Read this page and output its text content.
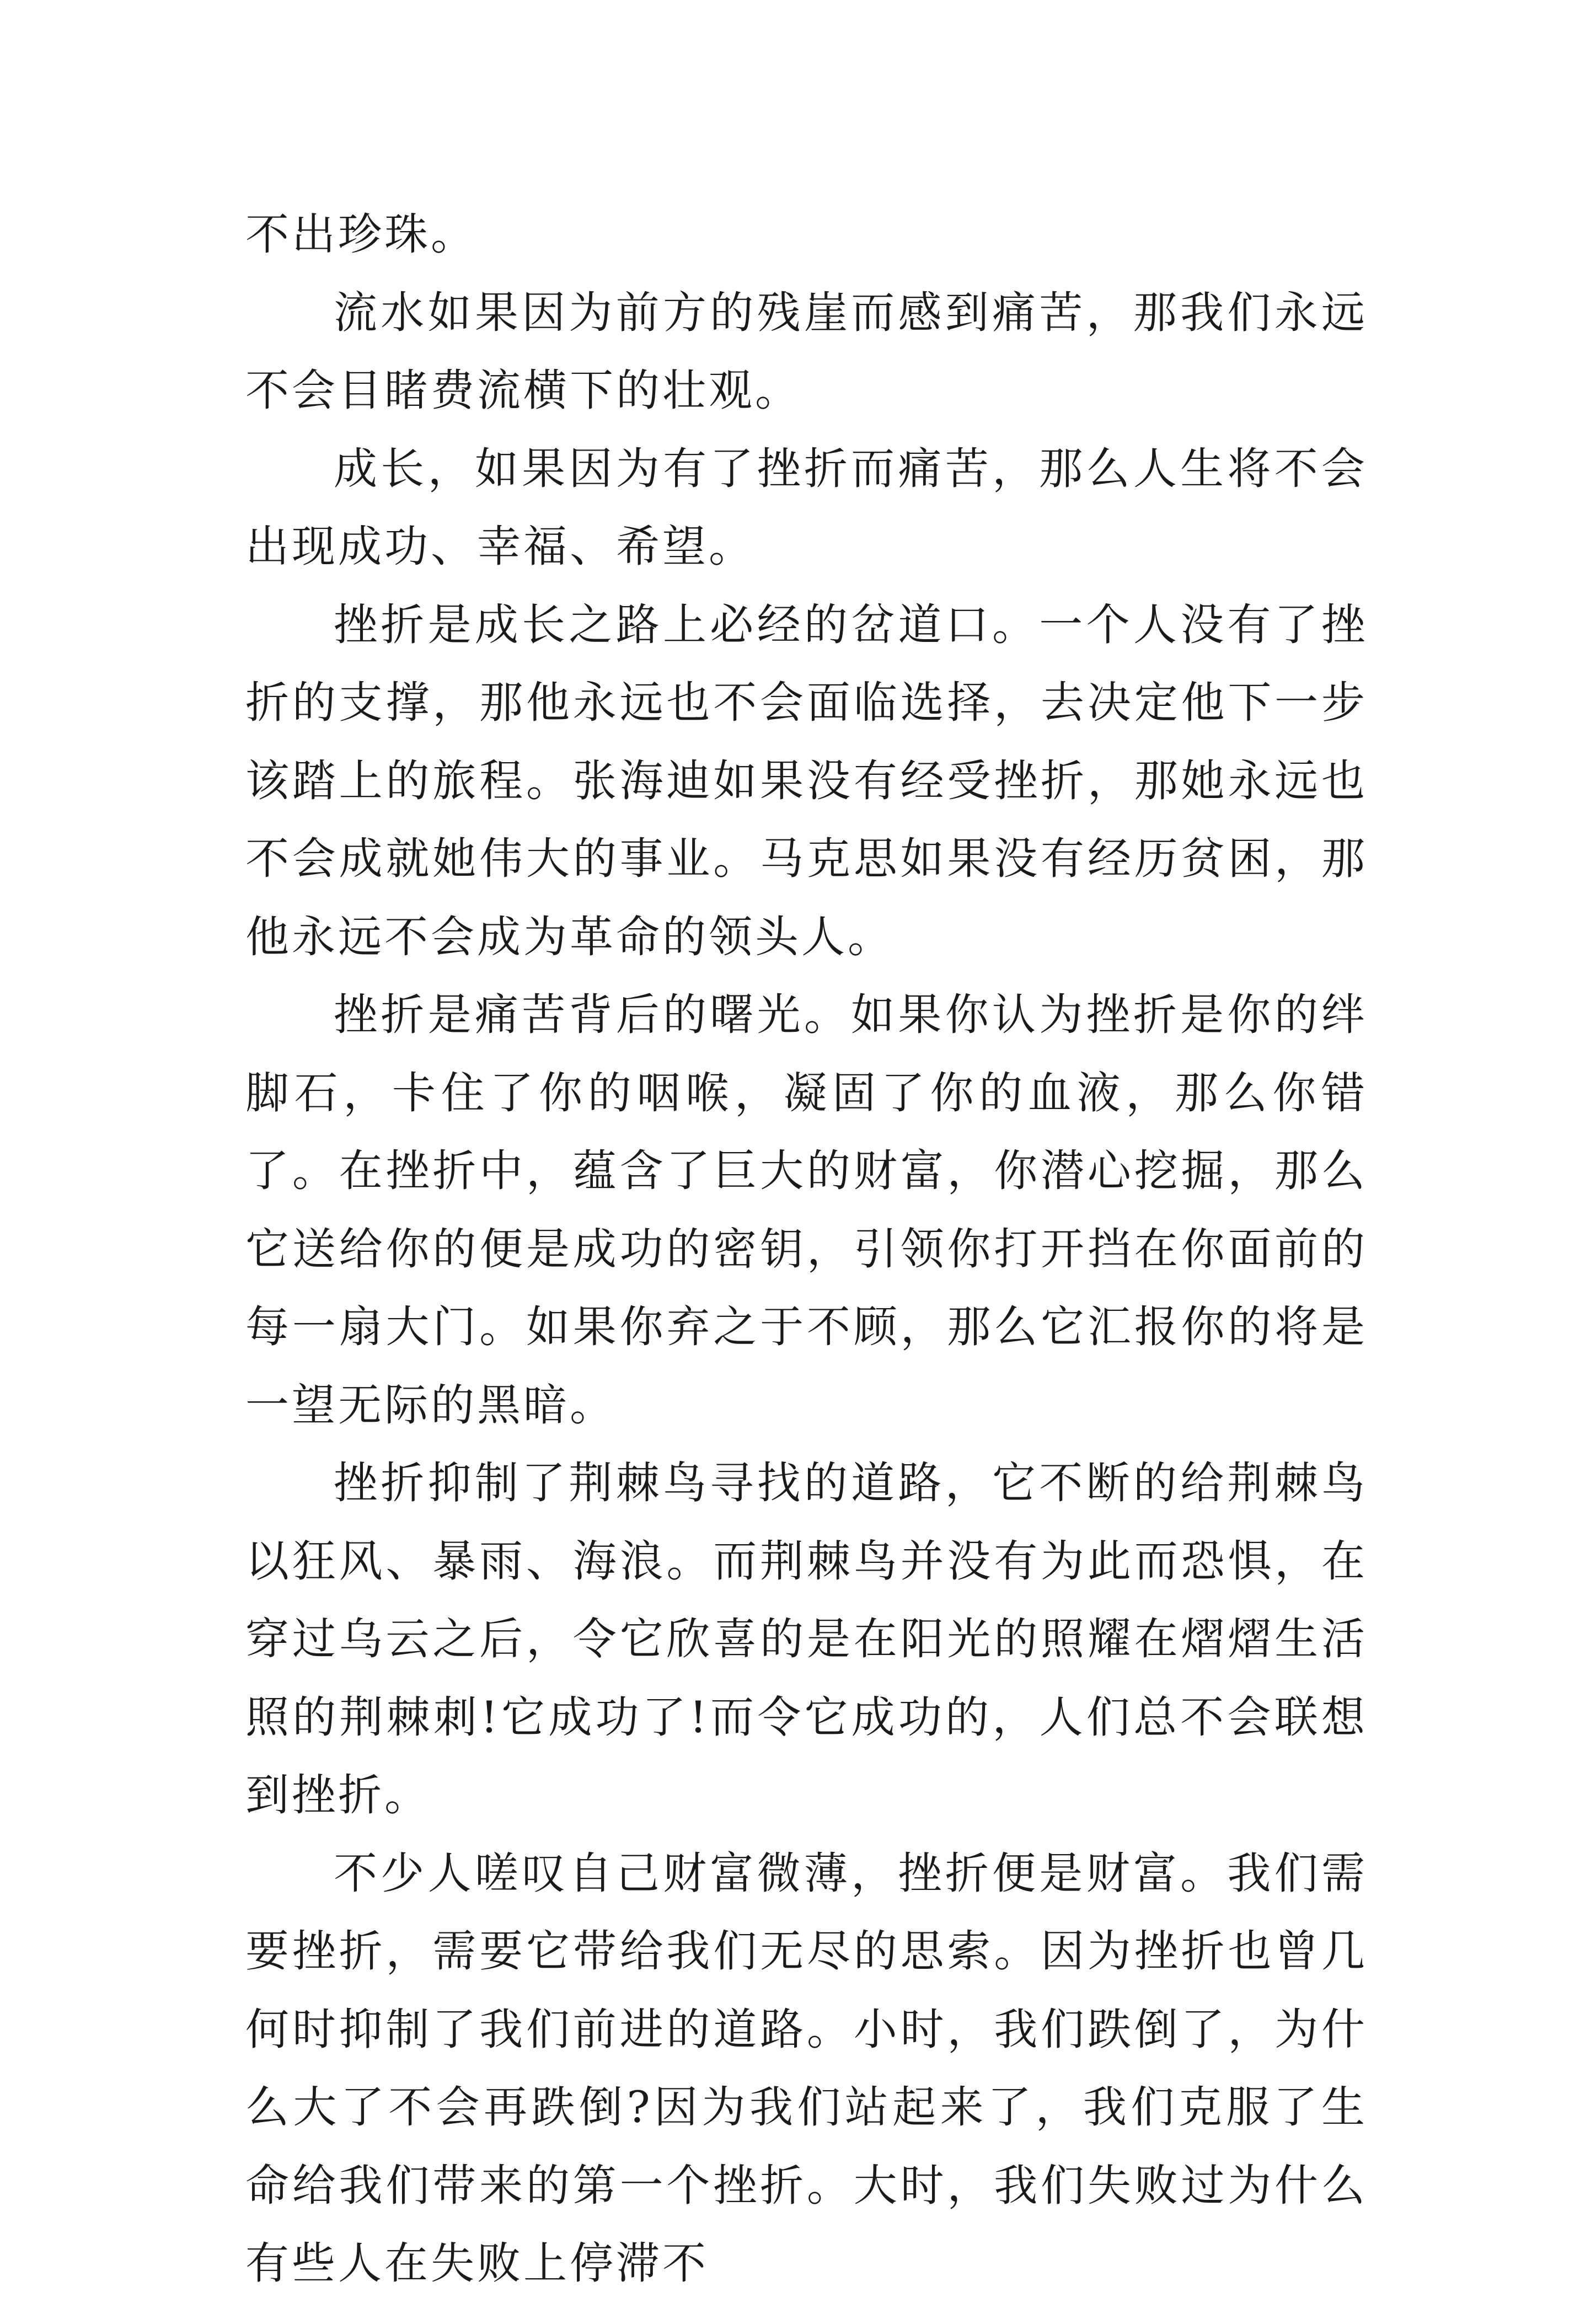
不出珍珠。

流水如果因为前方的残崖而感到痛苦，那我们永远不会目睹费流横下的壮观。

成长，如果因为有了挫折而痛苦，那么人生将不会出现成功、幸福、希望。

挫折是成长之路上必经的岔道口。一个人没有了挫折的支撑，那他永远也不会面临选择，去决定他下一步该踏上的旅程。张海迪如果没有经受挫折，那她永远也不会成就她伟大的事业。马克思如果没有经历贫困，那他永远不会成为革命的领头人。

挫折是痛苦背后的曙光。如果你认为挫折是你的绊脚石，卡住了你的咽喉，凝固了你的血液，那么你错了。在挫折中，蕴含了巨大的财富，你潜心挖掘，那么它送给你的便是成功的密钥，引领你打开挡在你面前的每一扇大门。如果你弃之于不顾，那么它汇报你的将是一望无际的黑暗。

挫折抑制了荆棘鸟寻找的道路，它不断的给荆棘鸟以狂风、暴雨、海浪。而荆棘鸟并没有为此而恐惧，在穿过乌云之后，令它欣喜的是在阳光的照耀在熠熠生活照的荆棘刺!它成功了!而令它成功的，人们总不会联想到挫折。

不少人嗟叹自己财富微薄，挫折便是财富。我们需要挫折，需要它带给我们无尽的思索。因为挫折也曾几何时抑制了我们前进的道路。小时，我们跌倒了，为什么大了不会再跌倒?因为我们站起来了，我们克服了生命给我们带来的第一个挫折。大时，我们失败过为什么有些人在失败上停滞不
